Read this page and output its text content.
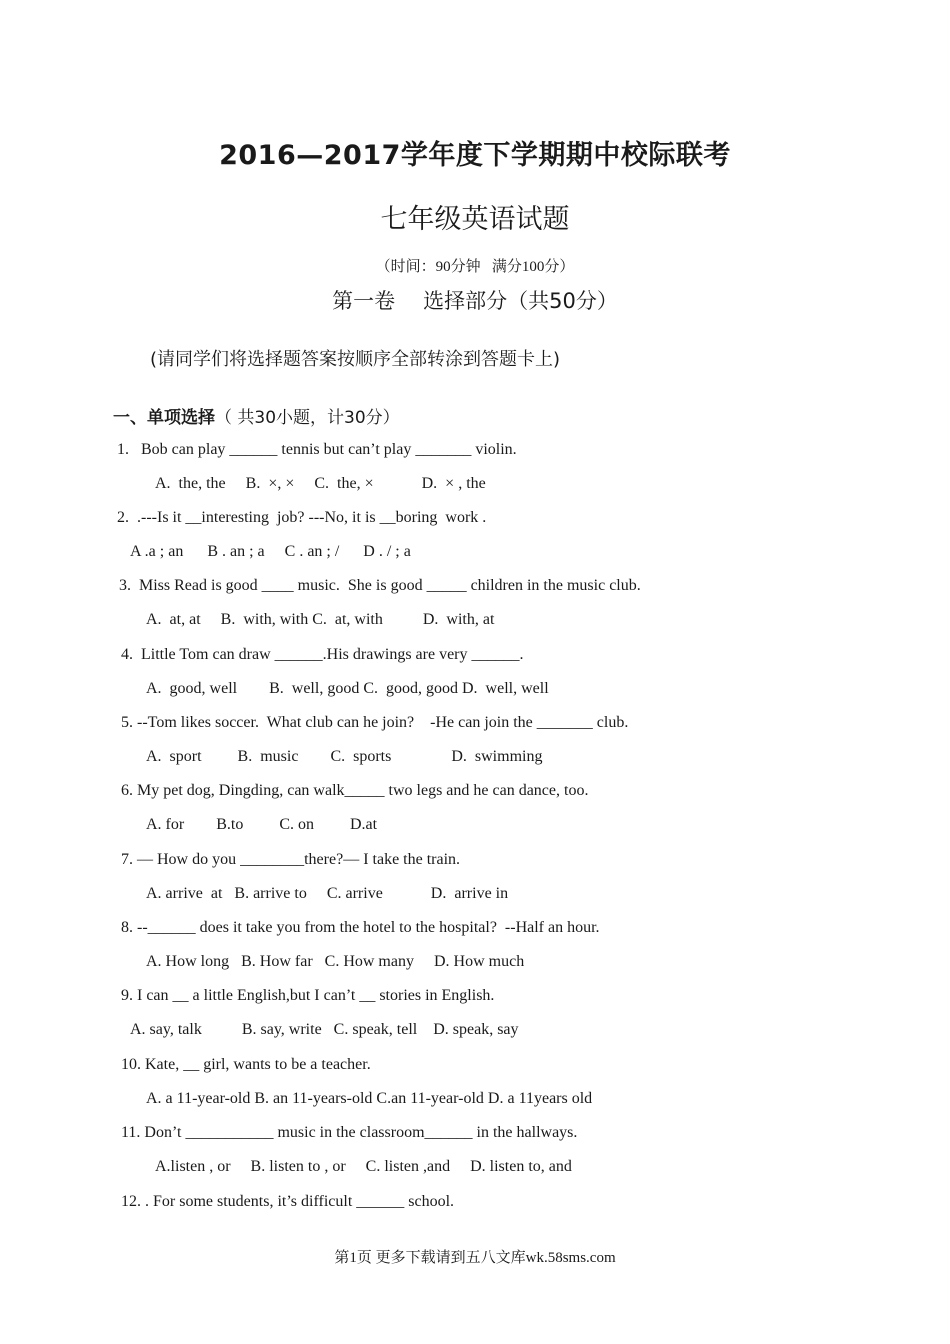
2016—2017学年度下学期期中校际联考
七年级英语试题
（时间：90分钟   满分100分）
第一卷 选择部分（共50分）
(请同学们将选择题答案按顺序全部转涂到答题卡上)
一、单项选择（ 共30小题，计30分）
1.   Bob can play ______ tennis but can’t play _______ violin.
A.  the, the     B.  ×, ×     C.  the, ×            D.  × , the
2.  .---Is it __interesting  job? ---No, it is __boring  work .
A .a ; an      B . an ; a     C . an ; /      D . / ; a
3.  Miss Read is good ____ music.  She is good _____ children in the music club.
A.  at, at     B.  with, with C.  at, with          D.  with, at
4.  Little Tom can draw ______.His drawings are very ______.
A.  good, well        B.  well, good C.  good, good D.  well, well
5. --Tom likes soccer.  What club can he join?    -He can join the _______ club.
A.  sport         B.  music        C.  sports               D.  swimming
6. My pet dog, Dingding, can walk_____ two legs and he can dance, too.
A. for        B.to         C. on         D.at
7. — How do you ________there?— I take the train.
A. arrive  at   B. arrive to     C. arrive            D.  arrive in
8. --______ does it take you from the hotel to the hospital?  --Half an hour.
A. How long   B. How far   C. How many     D. How much
9. I can __ a little English,but I can’t __ stories in English.
A. say, talk          B. say, write   C. speak, tell    D. speak, say
10. Kate, __ girl, wants to be a teacher.
A. a 11-year-old B. an 11-years-old C.an 11-year-old D. a 11years old
11. Don’t ___________ music in the classroom______ in the hallways.
A.listen , or     B. listen to , or     C. listen ,and     D. listen to, and
12. . For some students, it’s difficult ______ school.
第1页 更多下载请到五八文库wk.58sms.com
